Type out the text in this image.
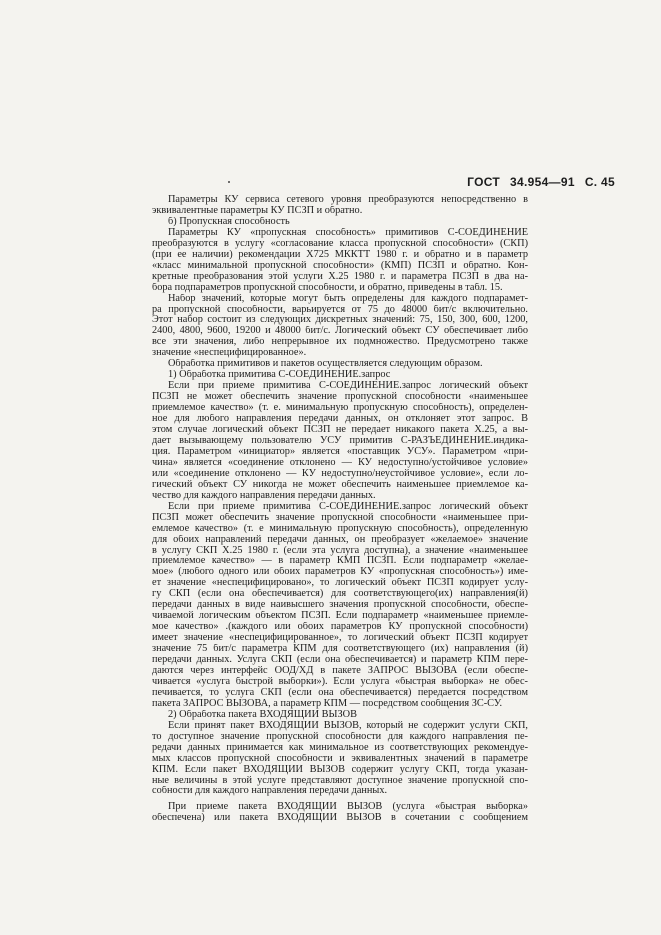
ГОСТ 34.954—91 С. 45
Параметры КУ сервиса сетевого уровня преобразуются непосредственно в
эквивалентные параметры КУ ПСЗП и обратно.
б) Пропускная способность
Параметры КУ «пропускная способность» примитивов С-СОЕДИНЕНИЕ
преобразуются в услугу «согласование класса пропускной способности» (СКП)
(при ее наличии) рекомендации Х725 МККТТ 1980 г. и обратно и в параметр
«класс минимальной пропускной способности» (КМП) ПСЗП и обратно. Кон-
кретные преобразования этой услуги Х.25 1980 г. и параметра ПСЗП в два на-
бора подпараметров пропускной способности, и обратно, приведены в табл. 15.
Набор значений, которые могут быть определены для каждого подпарамет-
ра пропускной способности, варьируется от 75 до 48000 бит/с включительно.
Этот набор состоит из следующих дискретных значений: 75, 150, 300, 600, 1200,
2400, 4800, 9600, 19200 и 48000 бит/с. Логический объект СУ обеспечивает либо
все эти значения, либо непрерывное их подмножество. Предусмотрено также
значение «неспецифицированное».
Обработка примитивов и пакетов осуществляется следующим образом.
1) Обработка примитива С-СОЕДИНЕНИЕ.запрос
Если при приеме примитива С-СОЕДИНЕНИЕ.запрос логический объект
ПСЗП не может обеспечить значение пропускной способности «наименьшее
приемлемое качество» (т. е. минимальную пропускную способность), определен-
ное для любого направления передачи данных, он отклоняет этот запрос. В
этом случае логический объект ПСЗП не передает никакого пакета Х.25, а вы-
дает вызывающему пользователю УСУ примитив С-РАЗЪЕДИНЕНИЕ.индика-
ция. Параметром «инициатор» является «поставщик УСУ». Параметром «при-
чина» является «соединение отклонено — КУ недоступно/устойчивое условие»
или «соединение отклонено — КУ недоступно/неустойчивое условие», если ло-
гический объект СУ никогда не может обеспечить наименьшее приемлемое ка-
чество для каждого направления передачи данных.
Если при приеме примитива С-СОЕДИНЕНИЕ.запрос логический объект
ПСЗП может обеспечить значение пропускной способности «наименьшее при-
емлемое качество» (т. е минимальную пропускную способность), определенную
для обоих направлений передачи данных, он преобразует «желаемое» значение
в услугу СКП Х.25 1980 г. (если эта услуга доступна), а значение «наименьшее
приемлемое качество» — в параметр КМП ПСЗП. Если подпараметр «желае-
мое» (любого одного или обоих параметров КУ «пропускная способность») име-
ет значение «неспецифицировано», то логический объект ПСЗП кодирует услу-
гу СКП (если она обеспечивается) для соответствующего(их) направления(й)
передачи данных в виде наивысшего значения пропускной способности, обеспе-
чиваемой логическим объектом ПСЗП. Если подпараметр «наименьшее приемле-
мое качество» .(каждого или обоих параметров КУ пропускной способности)
имеет значение «неспецифицированное», то логический объект ПСЗП кодирует
значение 75 бит/с параметра КПМ для соответствующего (их) направления (й)
передачи данных. Услуга СКП (если она обеспечивается) и параметр КПМ пере-
даются через интерфейс ООД/ХД в пакете ЗАПРОС ВЫЗОВА (если обеспе-
чивается «услуга быстрой выборки»). Если услуга «быстрая выборка» не обес-
печивается, то услуга СКП (если она обеспечивается) передается посредством
пакета ЗАПРОС ВЫЗОВА, а параметр КПМ — посредством сообщения ЗС-СУ.
2) Обработка пакета ВХОДЯЩИЙ ВЫЗОВ
Если принят пакет ВХОДЯЩИЙ ВЫЗОВ, который не содержит услуги СКП,
то доступное значение пропускной способности для каждого направления пе-
редачи данных принимается как минимальное из соответствующих рекомендуе-
мых классов пропускной способности и эквивалентных значений в параметре
КПМ. Если пакет ВХОДЯЩИЙ ВЫЗОВ содержит услугу СКП, тогда указан-
ные величины в этой услуге представляют доступное значение пропускной спо-
собности для каждого направления передачи данных.
При приеме пакета ВХОДЯЩИЙ ВЫЗОВ (услуга «быстрая выборка»
обеспечена) или пакета ВХОДЯЩИЙ ВЫЗОВ в сочетании с сообщением
